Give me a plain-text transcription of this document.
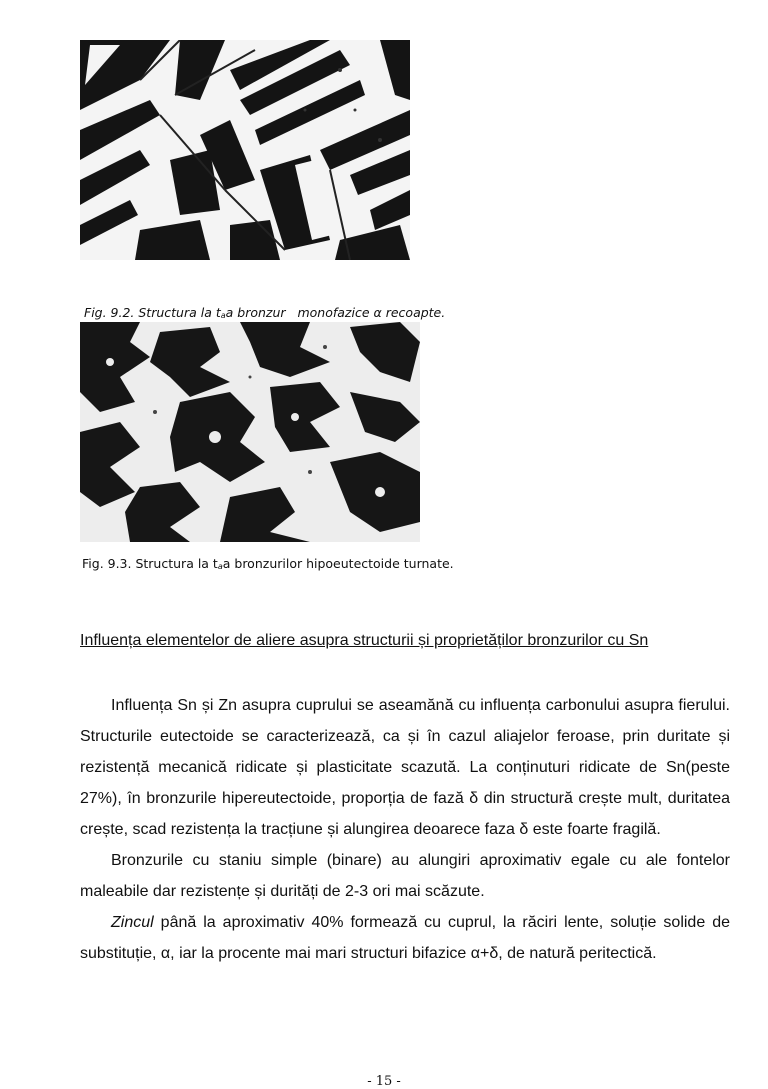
Fig. 9.2. Structura la taa bronzur   monofazice α recoapte.
Fig. 9.3. Structura la taa bronzurilor hipoeutectoide turnate.
Influența elementelor de aliere asupra structurii și proprietăților bronzurilor cu Sn

Influența Sn și Zn asupra cuprului se aseamănă cu influența carbonului asupra fierului. Structurile eutectoide se caracterizează, ca și în cazul aliajelor feroase, prin duritate și rezistență mecanică ridicate și plasticitate scazută. La conținuturi ridicate de Sn(peste 27%), în bronzurile hipereutectoide, proporția de fază δ din structură crește mult, duritatea crește, scad rezistența la tracțiune și alungirea deoarece faza δ este foarte fragilă.

Bronzurile cu staniu simple (binare) au alungiri aproximativ egale cu ale fontelor maleabile dar rezistențe și durități de 2-3 ori mai scăzute.

Zincul până la aproximativ 40% formează cu cuprul, la răciri lente, soluție solide de substituție, α, iar la procente mai mari structuri bifazice α+δ, de natură peritectică.

- 15 -
